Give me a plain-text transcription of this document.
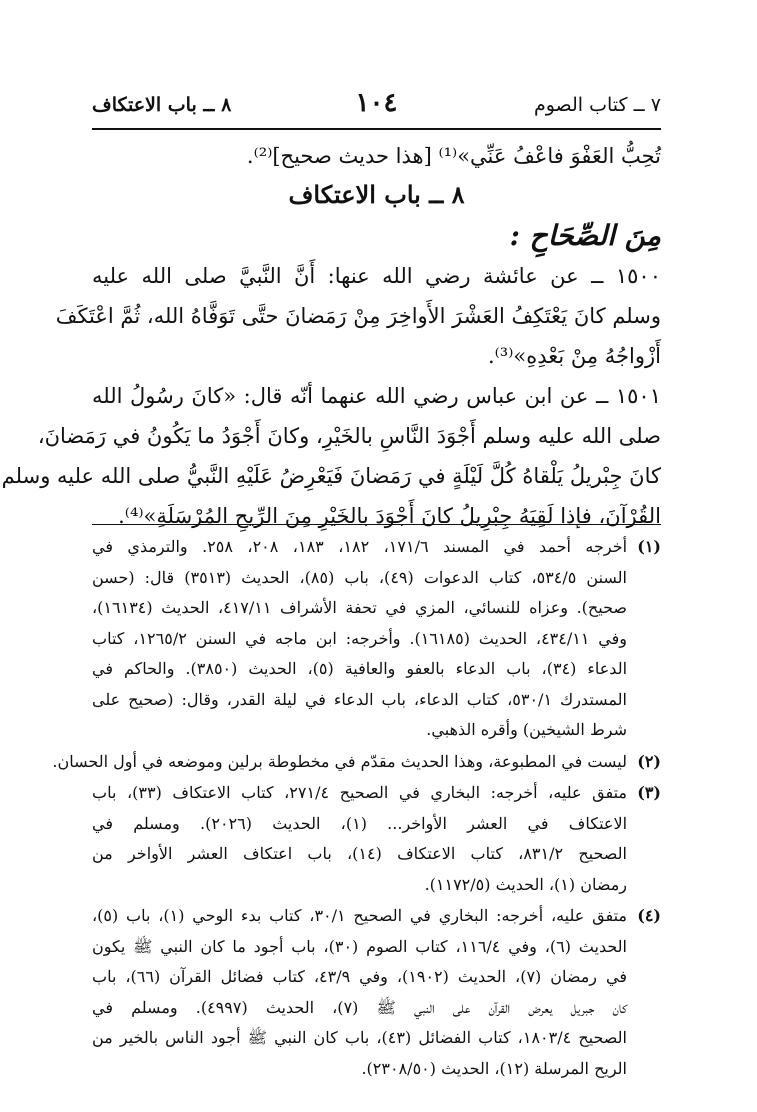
٨ ــ باب الاعتكاف	١٠٤	٧ ــ كتاب الصوم
تُحِبُّ العَفْوَ فاعْفُ عَنِّي»⁽¹⁾ [هذا حديث صحيح]⁽²⁾.
٨ ــ باب الاعتكاف
مِنَ الصِّحَاحِ :
١٥٠٠ ــ عن عائشة رضي الله عنها: أَنَّ النَّبيَّ صلى الله عليه
وسلم كانَ يَعْتَكِفُ العَشْرَ الأَواخِرَ مِنْ رَمَضانَ حتَّى تَوَفَّاهُ الله، ثُمَّ اعْتَكَفَ
أَزْواجُهُ مِنْ بَعْدِهِ»⁽³⁾.
١٥٠١ ــ عن ابن عباس رضي الله عنهما أنّه قال: «كانَ رسُولُ الله
صلى الله عليه وسلم أَجْوَدَ النَّاسِ بالخَيْرِ، وكانَ أَجْوَدُ ما يَكُونُ في رَمَضانَ،
كانَ جِبْريلُ يَلْقاهُ كُلَّ لَيْلَةٍ في رَمَضانَ فَيَعْرِضُ عَلَيْهِ النَّبيُّ صلى الله عليه وسلم
القُرْآنَ، فإذا لَقِيَهُ جِبْرِيلُ كانَ أَجْوَدَ بالخَيْرِ مِنَ الرِّيحِ المُرْسَلَةِ»⁽⁴⁾.
(١)
أخرجه أحمد في المسند ١٧١/٦، ١٨٢، ١٨٣، ٢٠٨، ٢٥٨. والترمذي في
السنن ٥٣٤/٥، كتاب الدعوات (٤٩)، باب (٨٥)، الحديث (٣٥١٣) قال: (حسن
صحيح). وعزاه للنسائي، المزي في تحفة الأشراف ٤١٧/١١، الحديث (١٦١٣٤)،
وفي ٤٣٤/١١، الحديث (١٦١٨٥). وأخرجه: ابن ماجه في السنن ١٢٦٥/٢، كتاب
الدعاء (٣٤)، باب الدعاء بالعفو والعافية (٥)، الحديث (٣٨٥٠). والحاكم في
المستدرك ٥٣٠/١، كتاب الدعاء، باب الدعاء في ليلة القدر، وقال: (صحيح على
شرط الشيخين) وأقره الذهبي.
(٢)
ليست في المطبوعة، وهذا الحديث مقدّم في مخطوطة برلين وموضعه في أول الحسان.
(٣)
متفق عليه، أخرجه: البخاري في الصحيح ٢٧١/٤، كتاب الاعتكاف (٣٣)، باب
الاعتكاف في العشر الأواخر... (١)، الحديث (٢٠٢٦). ومسلم في
الصحيح ٨٣١/٢، كتاب الاعتكاف (١٤)، باب اعتكاف العشر الأواخر من
رمضان (١)، الحديث (١١٧٢/٥).
(٤)
متفق عليه، أخرجه: البخاري في الصحيح ٣٠/١، كتاب بدء الوحي (١)، باب (٥)،
الحديث (٦)، وفي ١١٦/٤، كتاب الصوم (٣٠)، باب أجود ما كان النبي ﷺ يكون
في رمضان (٧)، الحديث (١٩٠٢)، وفي ٤٣/٩، كتاب فضائل القرآن (٦٦)، باب
كان جبريل يعرض القرآن على النبي ﷺ (٧)، الحديث (٤٩٩٧). ومسلم في
الصحيح ١٨٠٣/٤، كتاب الفضائل (٤٣)، باب كان النبي ﷺ أجود الناس بالخير من
الريح المرسلة (١٢)، الحديث (٢٣٠٨/٥٠).
